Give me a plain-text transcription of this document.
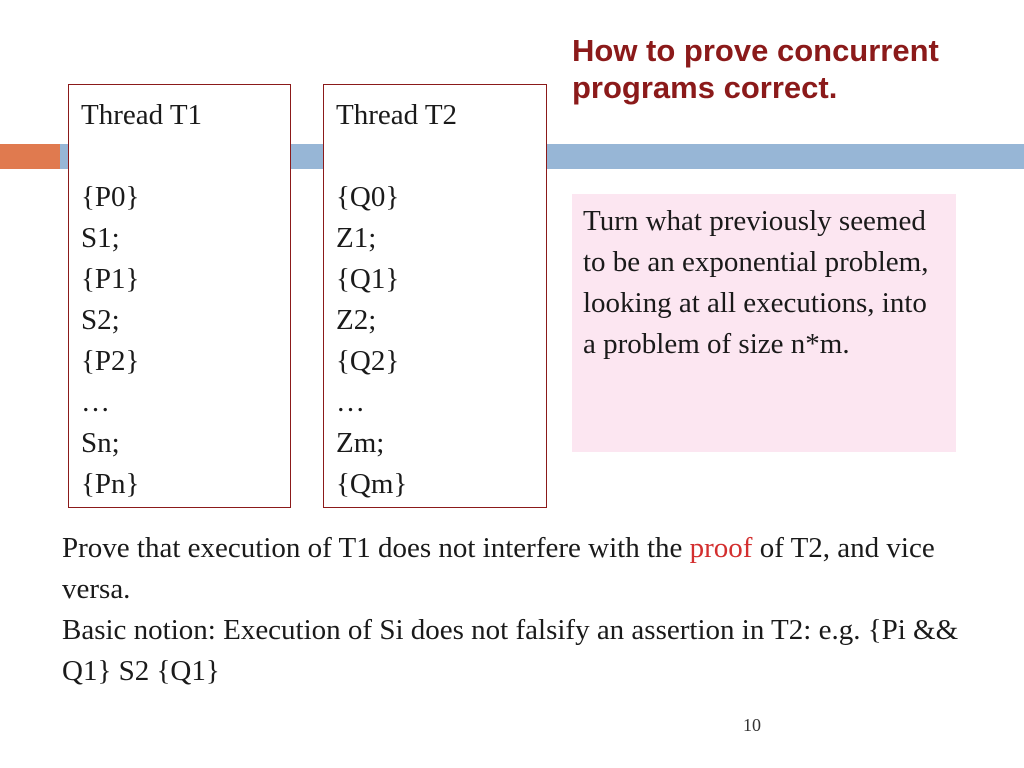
How to prove concurrent programs correct.
Thread T1
{P0}
S1;
{P1}
S2;
{P2}
…
Sn;
{Pn}
Thread T2
{Q0}
Z1;
{Q1}
Z2;
{Q2}
…
Zm;
{Qm}
Turn what previously seemed to be an exponential problem, looking at all executions, into a problem of size n*m.

Prove that execution of T1 does not interfere with the proof of T2, and vice versa.

Basic notion: Execution of Si does not falsify an assertion in T2: e.g. {Pi && Q1} S2 {Q1}

10
